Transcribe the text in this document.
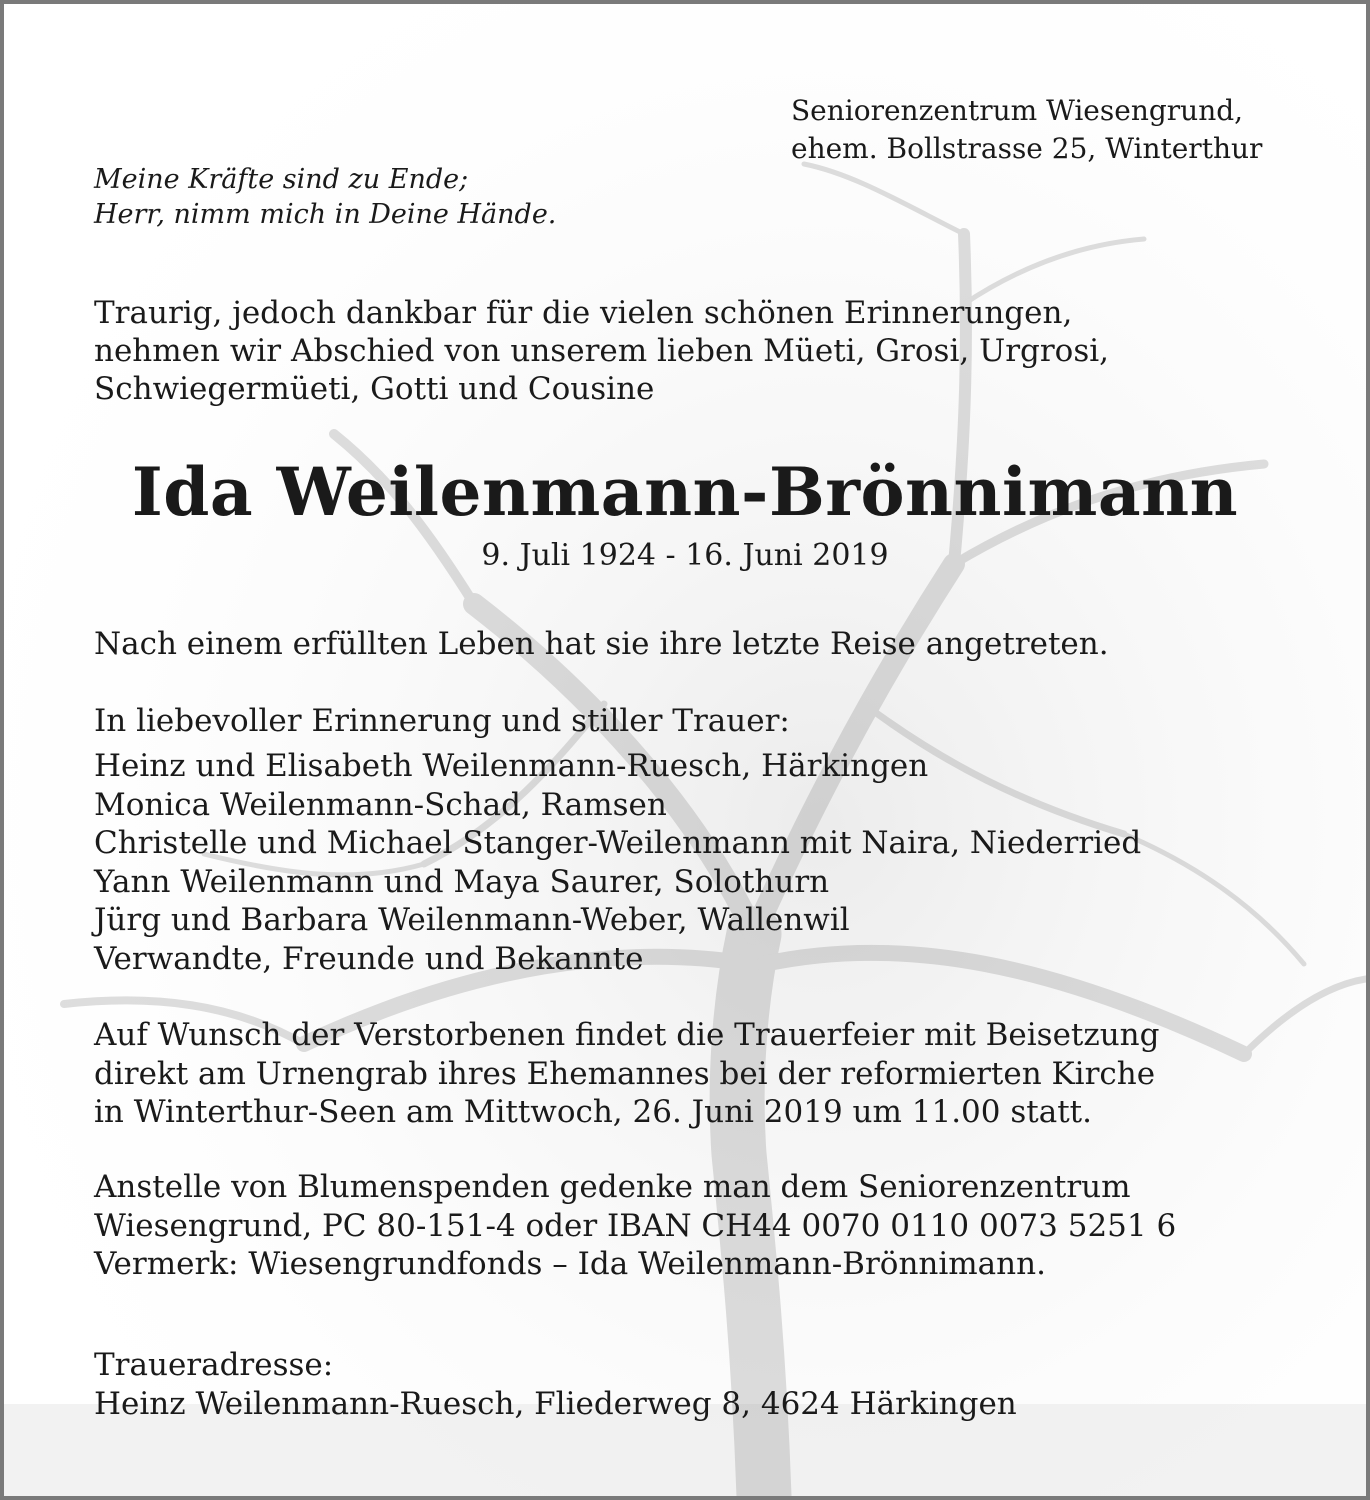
Seniorenzentrum Wiesengrund,
ehem. Bollstrasse 25, Winterthur
Meine Kräfte sind zu Ende;
Herr, nimm mich in Deine Hände.
Traurig, jedoch dankbar für die vielen schönen Erinnerungen,
nehmen wir Abschied von unserem lieben Müeti, Grosi, Urgrosi,
Schwiegermüeti, Gotti und Cousine
Ida Weilenmann-Brönnimann
9. Juli 1924 - 16. Juni 2019
Nach einem erfüllten Leben hat sie ihre letzte Reise angetreten.
In liebevoller Erinnerung und stiller Trauer:
Heinz und Elisabeth Weilenmann-Ruesch, Härkingen
Monica Weilenmann-Schad, Ramsen
Christelle und Michael Stanger-Weilenmann mit Naira, Niederried
Yann Weilenmann und Maya Saurer, Solothurn
Jürg und Barbara Weilenmann-Weber, Wallenwil
Verwandte, Freunde und Bekannte
Auf Wunsch der Verstorbenen findet die Trauerfeier mit Beisetzung
direkt am Urnengrab ihres Ehemannes bei der reformierten Kirche
in Winterthur-Seen am Mittwoch, 26. Juni 2019 um 11.00 statt.
Anstelle von Blumenspenden gedenke man dem Seniorenzentrum
Wiesengrund, PC 80-151-4 oder IBAN CH44 0070 0110 0073 5251 6
Vermerk: Wiesengrundfonds – Ida Weilenmann-Brönnimann.
Traueradresse:
Heinz Weilenmann-Ruesch, Fliederweg 8, 4624 Härkingen
